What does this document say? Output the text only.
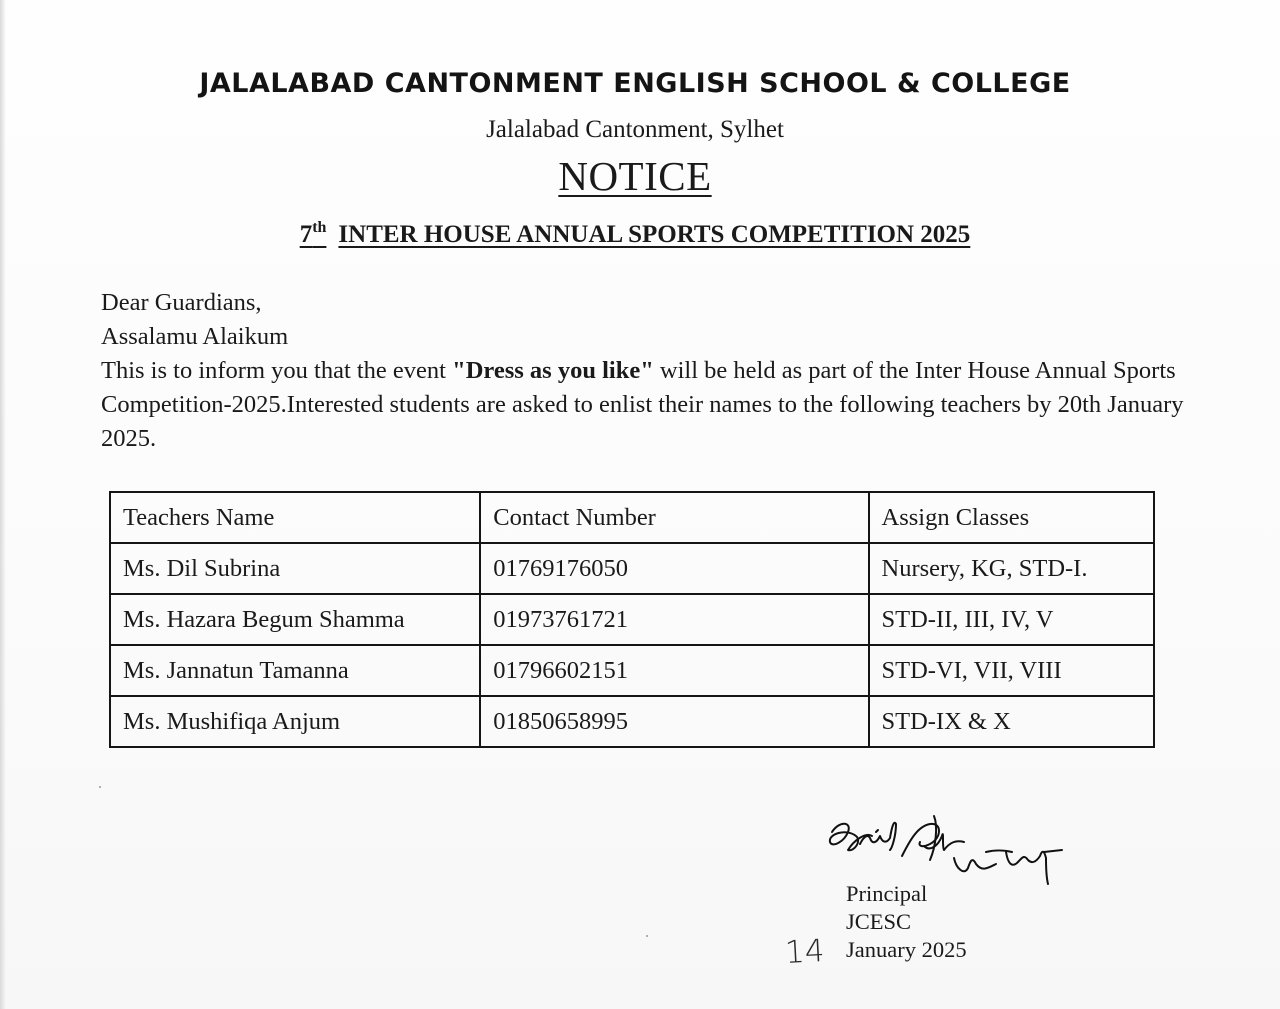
JALALABAD CANTONMENT ENGLISH SCHOOL & COLLEGE
Jalalabad Cantonment, Sylhet
NOTICE
7th INTER HOUSE ANNUAL SPORTS COMPETITION 2025
Dear Guardians,
Assalamu Alaikum
This is to inform you that the event "Dress as you like" will be held as part of the Inter House Annual Sports Competition-2025.Interested students are asked to enlist their names to the following teachers by 20th January 2025.
Teachers Name	Contact Number	Assign Classes
Ms. Dil Subrina	01769176050	Nursery, KG, STD-I.
Ms. Hazara Begum Shamma	01973761721	STD-II, III, IV, V
Ms. Jannatun Tamanna	01796602151	STD-VI, VII, VIII
Ms. Mushifiqa Anjum	01850658995	STD-IX & X
Principal
JCESC
January 2025
14
